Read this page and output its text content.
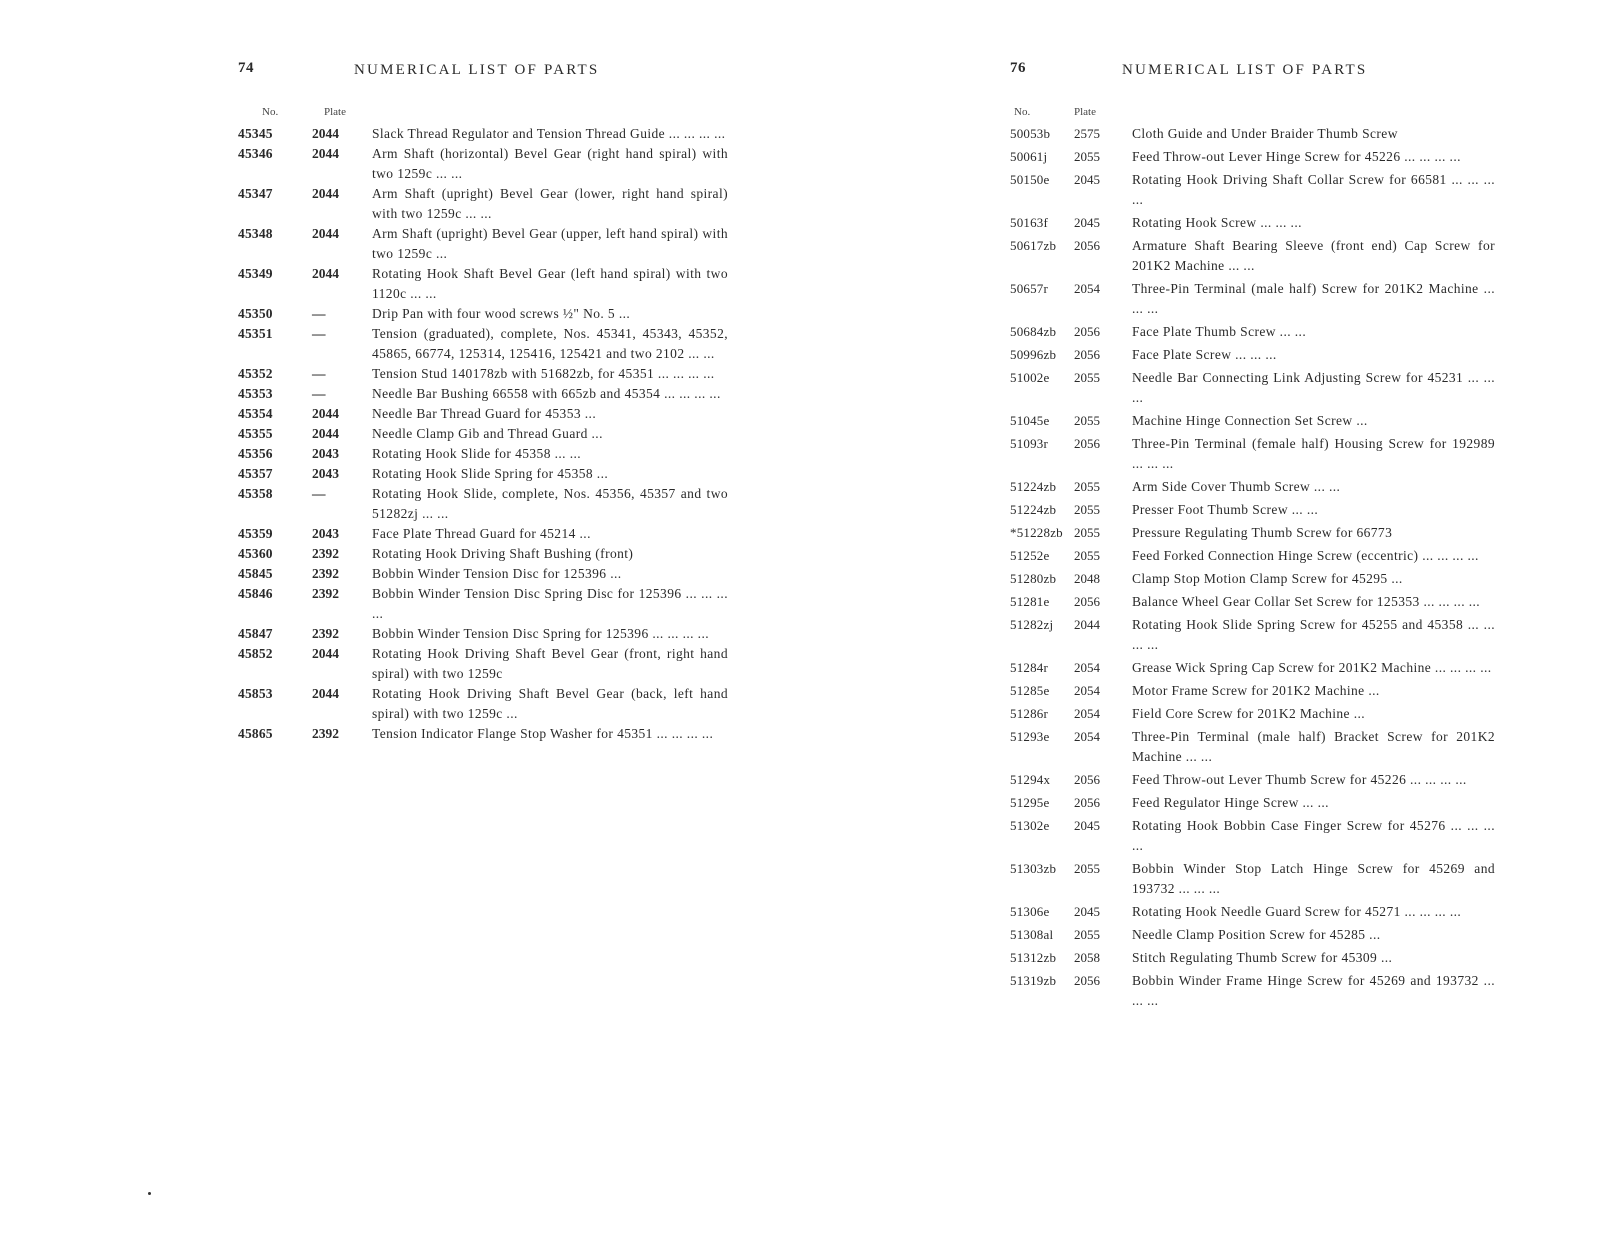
74	NUMERICAL LIST OF PARTS
No.	Plate
45345	2044	Slack Thread Regulator and Tension Thread Guide ... ... ... ...
45346	2044	Arm Shaft (horizontal) Bevel Gear (right hand spiral) with two 1259c ... ...
45347	2044	Arm Shaft (upright) Bevel Gear (lower, right hand spiral) with two 1259c ... ...
45348	2044	Arm Shaft (upright) Bevel Gear (upper, left hand spiral) with two 1259c ...
45349	2044	Rotating Hook Shaft Bevel Gear (left hand spiral) with two 1120c ... ...
45350	—	Drip Pan with four wood screws ½" No. 5 ...
45351	—	Tension (graduated), complete, Nos. 45341, 45343, 45352, 45865, 66774, 125314, 125416, 125421 and two 2102 ... ...
45352	—	Tension Stud 140178zb with 51682zb, for 45351 ... ... ... ...
45353	—	Needle Bar Bushing 66558 with 665zb and 45354 ... ... ... ...
45354	2044	Needle Bar Thread Guard for 45353 ...
45355	2044	Needle Clamp Gib and Thread Guard ...
45356	2043	Rotating Hook Slide for 45358 ... ...
45357	2043	Rotating Hook Slide Spring for 45358 ...
45358	—	Rotating Hook Slide, complete, Nos. 45356, 45357 and two 51282zj ... ...
45359	2043	Face Plate Thread Guard for 45214 ...
45360	2392	Rotating Hook Driving Shaft Bushing (front)
45845	2392	Bobbin Winder Tension Disc for 125396 ...
45846	2392	Bobbin Winder Tension Disc Spring Disc for 125396 ... ... ... ...
45847	2392	Bobbin Winder Tension Disc Spring for 125396 ... ... ... ...
45852	2044	Rotating Hook Driving Shaft Bevel Gear (front, right hand spiral) with two 1259c
45853	2044	Rotating Hook Driving Shaft Bevel Gear (back, left hand spiral) with two 1259c ...
45865	2392	Tension Indicator Flange Stop Washer for 45351 ... ... ... ...
76	NUMERICAL LIST OF PARTS
No.	Plate
50053b	2575	Cloth Guide and Under Braider Thumb Screw
50061j	2055	Feed Throw-out Lever Hinge Screw for 45226 ... ... ... ...
50150e	2045	Rotating Hook Driving Shaft Collar Screw for 66581 ... ... ... ...
50163f	2045	Rotating Hook Screw ... ... ...
50617zb	2056	Armature Shaft Bearing Sleeve (front end) Cap Screw for 201K2 Machine ... ...
50657r	2054	Three-Pin Terminal (male half) Screw for 201K2 Machine ... ... ...
50684zb	2056	Face Plate Thumb Screw ... ...
50996zb	2056	Face Plate Screw ... ... ...
51002e	2055	Needle Bar Connecting Link Adjusting Screw for 45231 ... ... ...
51045e	2055	Machine Hinge Connection Set Screw ...
51093r	2056	Three-Pin Terminal (female half) Housing Screw for 192989 ... ... ...
51224zb	2055	Arm Side Cover Thumb Screw ... ...
51224zb	2055	Presser Foot Thumb Screw ... ...
*51228zb 2055	Pressure Regulating Thumb Screw for 66773
51252e	2055	Feed Forked Connection Hinge Screw (eccentric) ... ... ... ...
51280zb	2048	Clamp Stop Motion Clamp Screw for 45295 ...
51281e	2056	Balance Wheel Gear Collar Set Screw for 125353 ... ... ... ...
51282zj	2044	Rotating Hook Slide Spring Screw for 45255 and 45358 ... ... ... ...
51284r	2054	Grease Wick Spring Cap Screw for 201K2 Machine ... ... ... ...
51285e	2054	Motor Frame Screw for 201K2 Machine ...
51286r	2054	Field Core Screw for 201K2 Machine ...
51293e	2054	Three-Pin Terminal (male half) Bracket Screw for 201K2 Machine ... ...
51294x	2056	Feed Throw-out Lever Thumb Screw for 45226 ... ... ... ...
51295e	2056	Feed Regulator Hinge Screw ... ...
51302e	2045	Rotating Hook Bobbin Case Finger Screw for 45276 ... ... ... ...
51303zb	2055	Bobbin Winder Stop Latch Hinge Screw for 45269 and 193732 ... ... ...
51306e	2045	Rotating Hook Needle Guard Screw for 45271 ... ... ... ...
51308al	2055	Needle Clamp Position Screw for 45285 ...
51312zb	2058	Stitch Regulating Thumb Screw for 45309 ...
51319zb	2056	Bobbin Winder Frame Hinge Screw for 45269 and 193732 ... ... ...
